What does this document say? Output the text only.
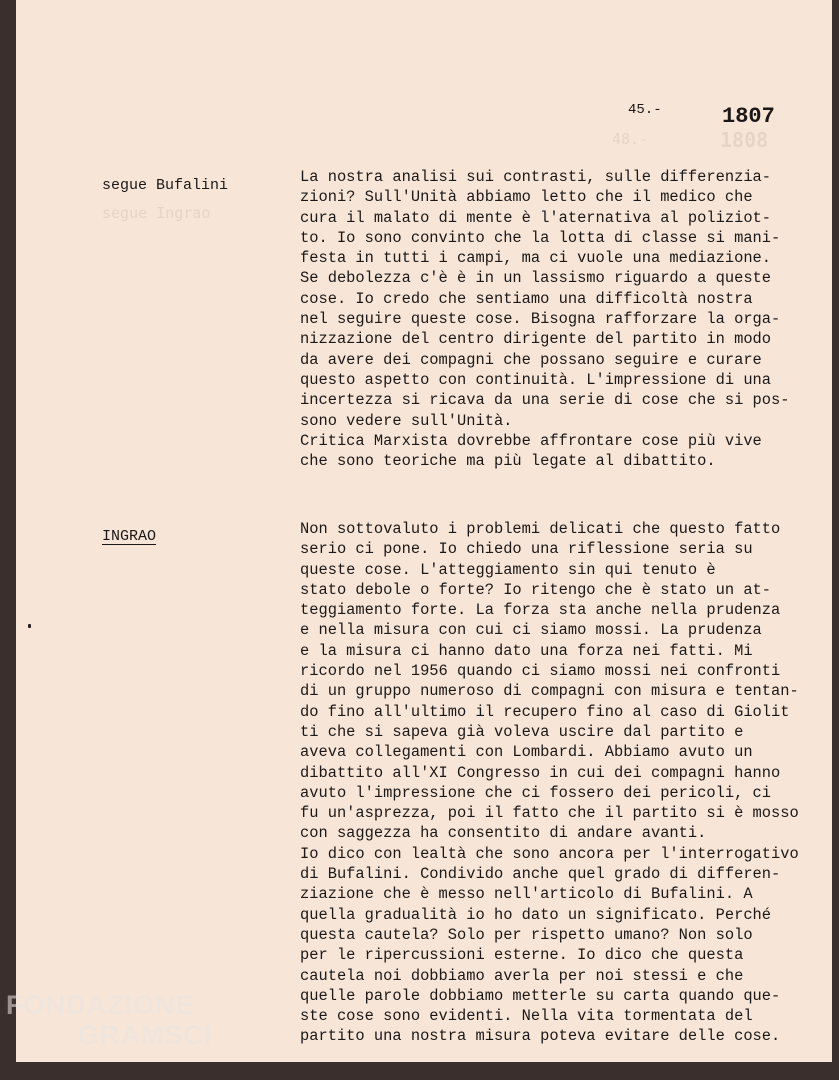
48.-	1808
segue Ingrao
45.-	1807
segue Bufalini	La nostra analisi sui contrasti, sulle differenzia-
zioni? Sull'Unità abbiamo letto che il medico che
cura il malato di mente è l'aternativa al poliziot-
to. Io sono convinto che la lotta di classe si mani-
festa in tutti i campi, ma ci vuole una mediazione.
Se debolezza c'è è in un lassismo riguardo a queste
cose. Io credo che sentiamo una difficoltà nostra
nel seguire queste cose. Bisogna rafforzare la orga-
nizzazione del centro dirigente del partito in modo
da avere dei compagni che possano seguire e curare
questo aspetto con continuità. L'impressione di una
incertezza si ricava da una serie di cose che si pos-
sono vedere sull'Unità.
Critica Marxista dovrebbe affrontare cose più vive
che sono teoriche ma più legate al dibattito.
INGRAO	Non sottovaluto i problemi delicati che questo fatto
serio ci pone. Io chiedo una riflessione seria su
queste cose. L'atteggiamento sin qui tenuto è
stato debole o forte? Io ritengo che è stato un at-
teggiamento forte. La forza sta anche nella prudenza
e nella misura con cui ci siamo mossi. La prudenza
e la misura ci hanno dato una forza nei fatti. Mi
ricordo nel 1956 quando ci siamo mossi nei confronti
di un gruppo numeroso di compagni con misura e tentan-
do fino all'ultimo il recupero fino al caso di Giolit
ti che si sapeva già voleva uscire dal partito e
aveva collegamenti con Lombardi. Abbiamo avuto un
dibattito all'XI Congresso in cui dei compagni hanno
avuto l'impressione che ci fossero dei pericoli, ci
fu un'asprezza, poi il fatto che il partito si è mosso
con saggezza ha consentito di andare avanti.
Io dico con lealtà che sono ancora per l'interrogativo
di Bufalini. Condivido anche quel grado di differen-
ziazione che è messo nell'articolo di Bufalini. A
quella gradualità io ho dato un significato. Perché
questa cautela? Solo per rispetto umano? Non solo
per le ripercussioni esterne. Io dico che questa
cautela noi dobbiamo averla per noi stessi e che
quelle parole dobbiamo metterle su carta quando que-
ste cose sono evidenti. Nella vita tormentata del
partito una nostra misura poteva evitare delle cose.
FONDAZIONE
GRAMSCI
